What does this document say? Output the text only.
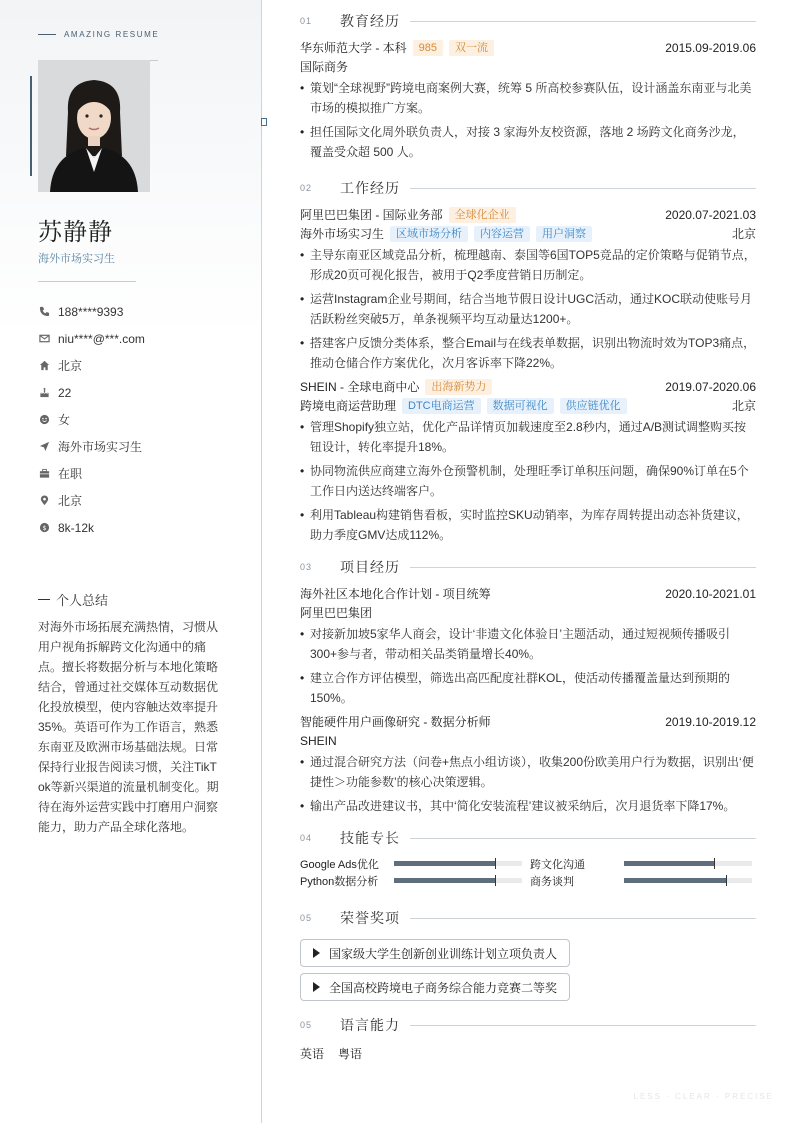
AMAZING RESUME
苏静静
海外市场实习生
188****9393
niu****@***.com
北京
22
女
海外市场实习生
在职
北京
$ 8k-12k
个人总结
对海外市场拓展充满热情，习惯从用户视角拆解跨文化沟通中的痛点。擅长将数据分析与本地化策略结合，曾通过社交媒体互动数据优化投放模型，使内容触达效率提升35%。英语可作为工作语言，熟悉东南亚及欧洲市场基础法规。日常保持行业报告阅读习惯，关注TikTok等新兴渠道的流量机制变化。期待在海外运营实践中打磨用户洞察能力，助力产品全球化落地。
01	教育经历
华东师范大学 - 本科	985	双一流	2015.09-2019.06
国际商务
• 策划“全球视野”跨境电商案例大赛，统筹 5 所高校参赛队伍，设计涵盖东南亚与北美市场的模拟推广方案。
• 担任国际文化周外联负责人，对接 3 家海外友校资源，落地 2 场跨文化商务沙龙，覆盖受众超 500 人。
02	工作经历
阿里巴巴集团 - 国际业务部	全球化企业	2020.07-2021.03
海外市场实习生	区域市场分析	内容运营	用户洞察	北京
• 主导东南亚区域竞品分析，梳理越南、泰国等6国TOP5竞品的定价策略与促销节点，形成20页可视化报告，被用于Q2季度营销日历制定。
• 运营Instagram企业号期间，结合当地节假日设计UGC活动，通过KOC联动使账号月活跃粉丝突破5万，单条视频平均互动量达1200+。
• 搭建客户反馈分类体系，整合Email与在线表单数据，识别出物流时效为TOP3痛点，推动仓储合作方案优化，次月客诉率下降22%。
SHEIN - 全球电商中心	出海新势力	2019.07-2020.06
跨境电商运营助理	DTC电商运营	数据可视化	供应链优化	北京
• 管理Shopify独立站，优化产品详情页加载速度至2.8秒内，通过A/B测试调整购买按钮设计，转化率提升18%。
• 协同物流供应商建立海外仓预警机制，处理旺季订单积压问题，确保90%订单在5个工作日内送达终端客户。
• 利用Tableau构建销售看板，实时监控SKU动销率，为库存周转提出动态补货建议，助力季度GMV达成112%。
03	项目经历
海外社区本地化合作计划 - 项目统筹	2020.10-2021.01
阿里巴巴集团
• 对接新加坡5家华人商会，设计‘非遗文化体验日’主题活动，通过短视频传播吸引300+参与者，带动相关品类销量增长40%。
• 建立合作方评估模型，筛选出高匹配度社群KOL，使活动传播覆盖量达到预期的150%。
智能硬件用户画像研究 - 数据分析师	2019.10-2019.12
SHEIN
• 通过混合研究方法（问卷+焦点小组访谈），收集200份欧美用户行为数据，识别出‘便捷性＞功能参数’的核心决策逻辑。
• 输出产品改进建议书，其中‘简化安装流程’建议被采纳后，次月退货率下降17%。
04	技能专长
Google Ads优化	跨文化沟通
Python数据分析	商务谈判
05	荣誉奖项
国家级大学生创新创业训练计划立项负责人
全国高校跨境电子商务综合能力竞赛二等奖
05	语言能力
英语 粤语
LESS · CLEAR · PRECISE
